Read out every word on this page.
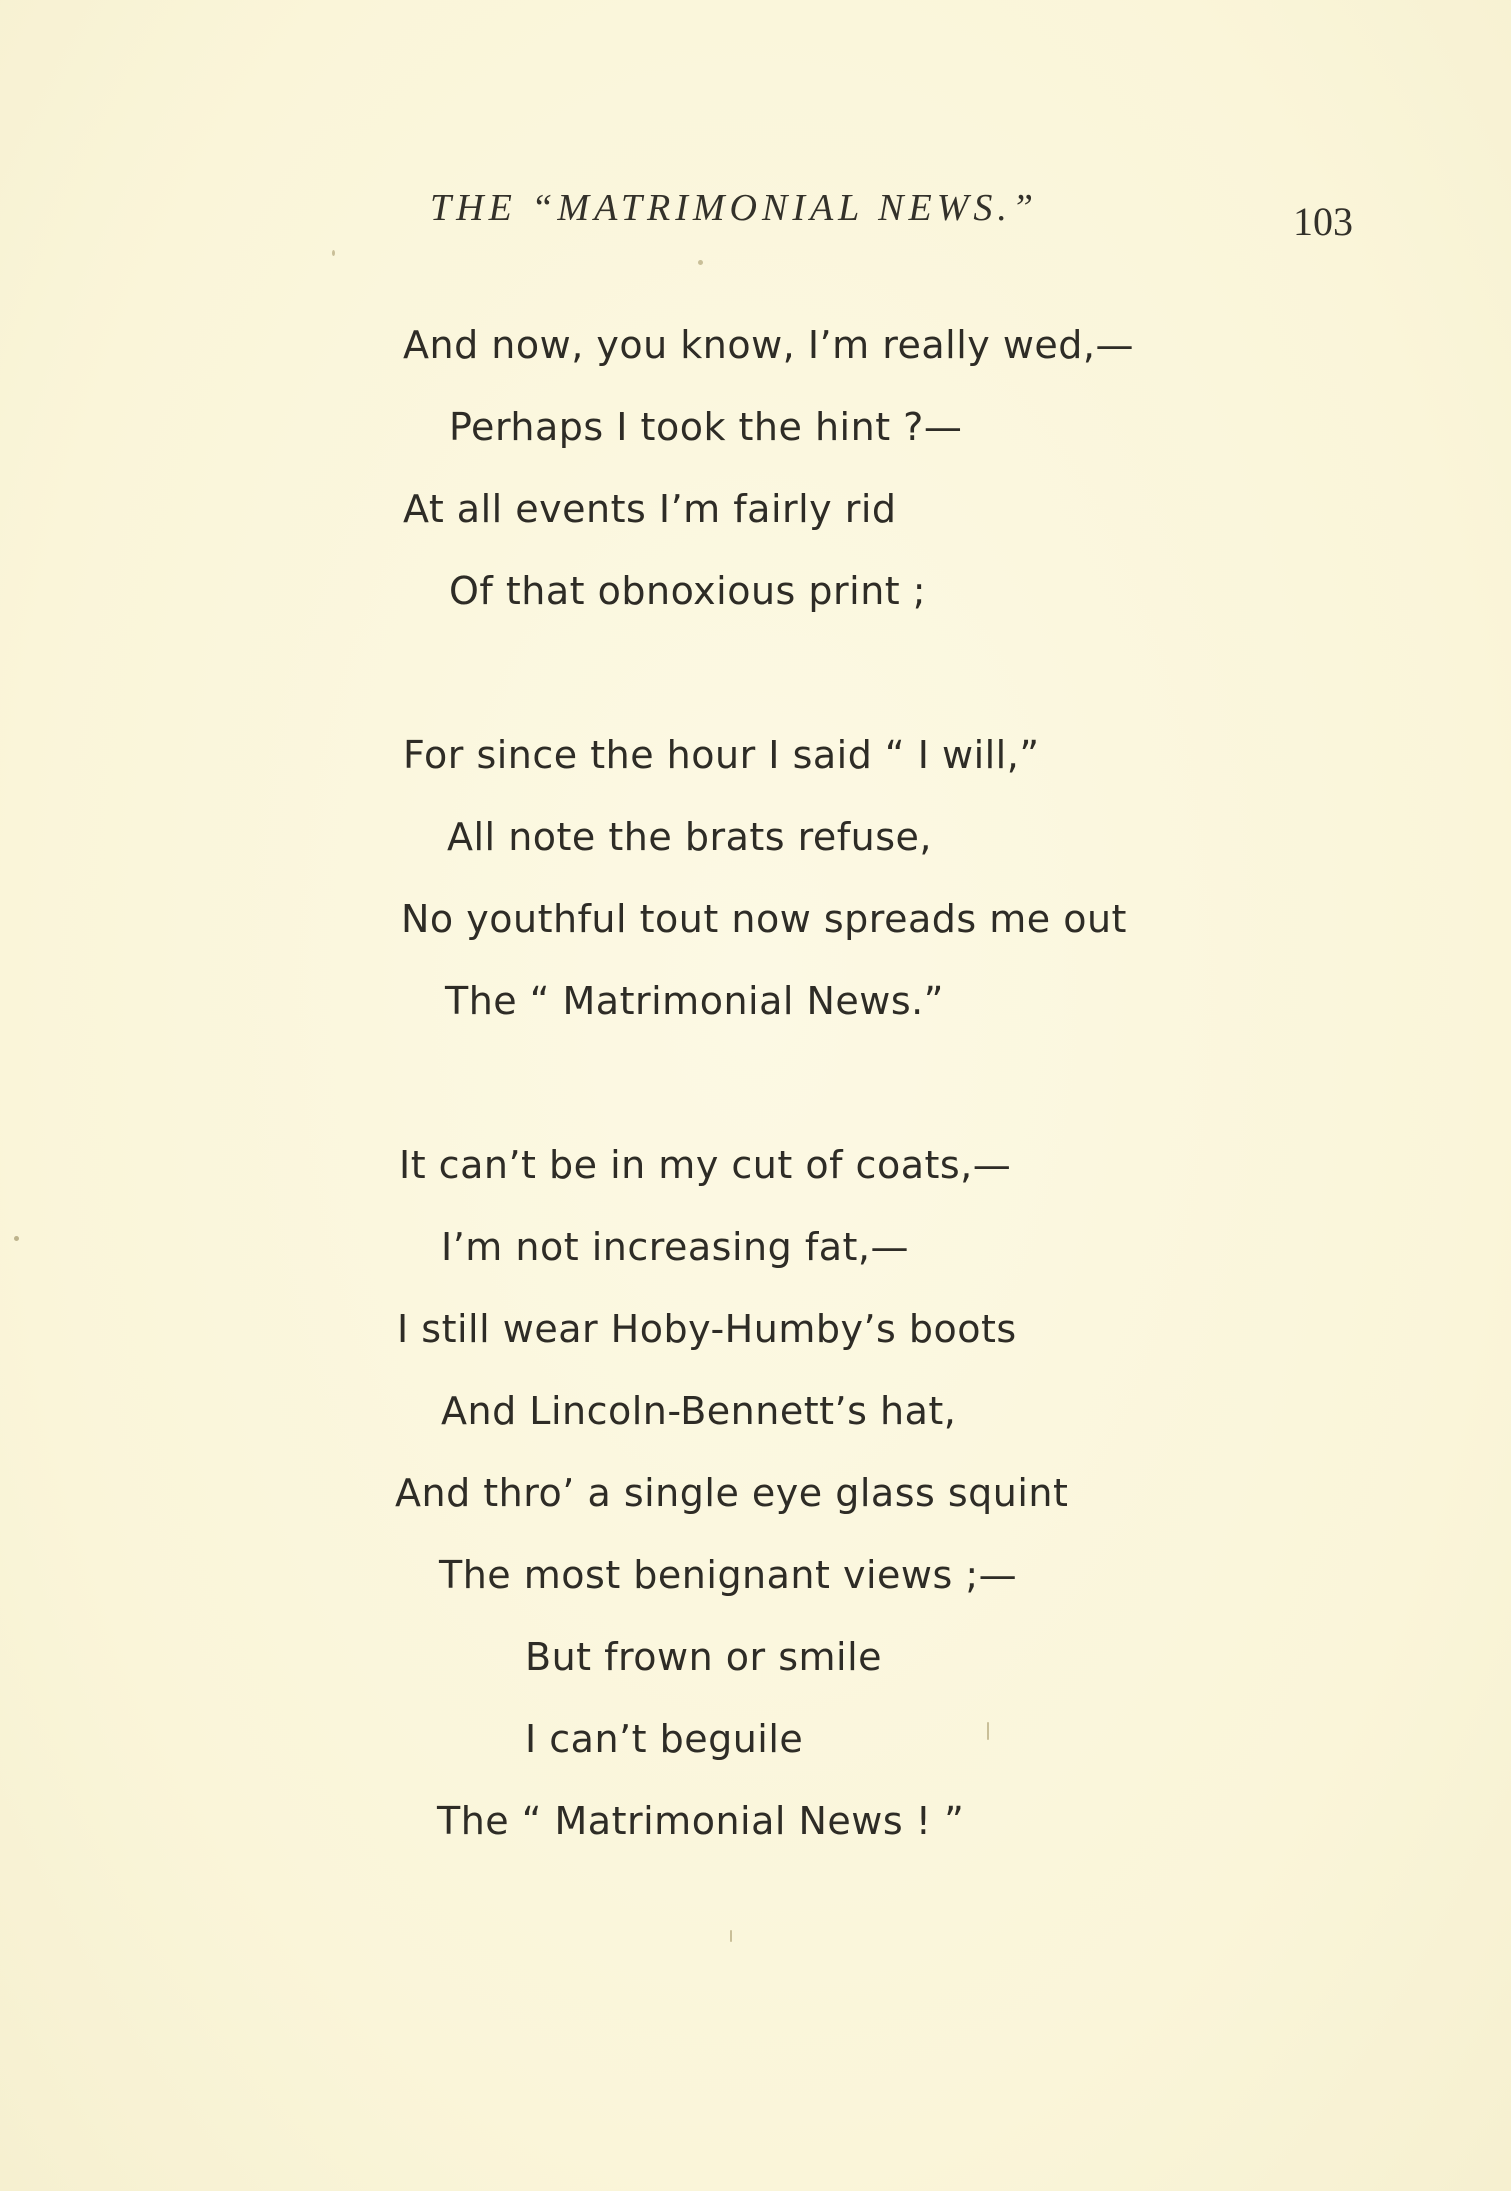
THE “MATRIMONIAL NEWS.”	103
And now, you know, I’m really wed,—
Perhaps I took the hint ?—
At all events I’m fairly rid
Of that obnoxious print ;
For since the hour I said “ I will,”
All note the brats refuse,
No youthful tout now spreads me out
The “ Matrimonial News.”
It can’t be in my cut of coats,—
I’m not increasing fat,—
I still wear Hoby-Humby’s boots
And Lincoln-Bennett’s hat,
And thro’ a single eye glass squint
The most benignant views ;—
But frown or smile
I can’t beguile
The “ Matrimonial News ! ”
